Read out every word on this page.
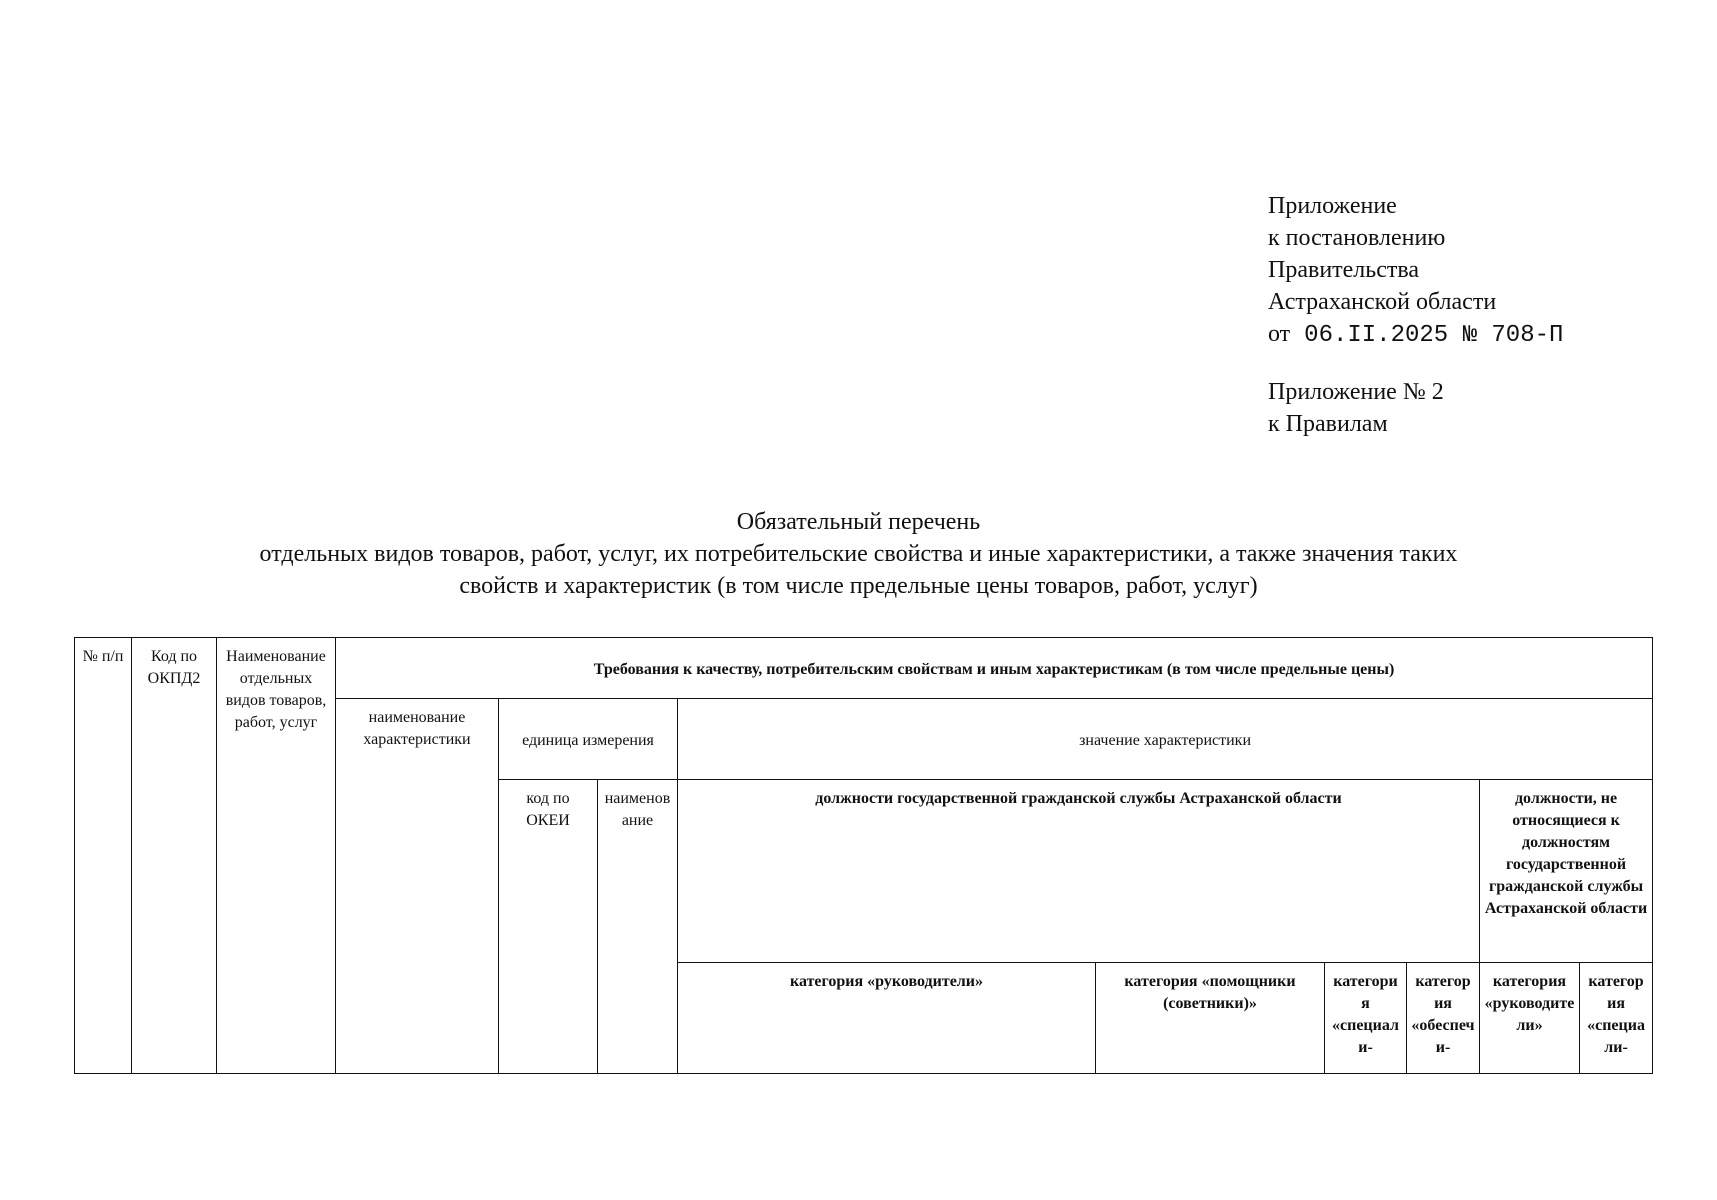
Приложение
к постановлению
Правительства
Астраханской области
от 06.II.2025 № 708-П
Приложение № 2
к Правилам
Обязательный перечень
отдельных видов товаров, работ, услуг, их потребительские свойства и иные характеристики, а также значения таких
свойств и характеристик (в том числе предельные цены товаров, работ, услуг)
№ п/п	Код по ОКПД2	Наименование отдельных видов товаров, работ, услуг	Требования к качеству, потребительским свойствам и иным характеристикам (в том числе предельные цены)								
			наименование характеристики	единица измерения		значение характеристики					
				код по ОКЕИ	наименование	должности государственной гражданской службы Астраханской области				должности, не относящиеся к должностям государственной гражданской службы Астраханской области	
						категория «руководители»	категория «помощники (советники)»	категория «специали-	категория «обеспечи-	категория «руководители»	категория «специали-
